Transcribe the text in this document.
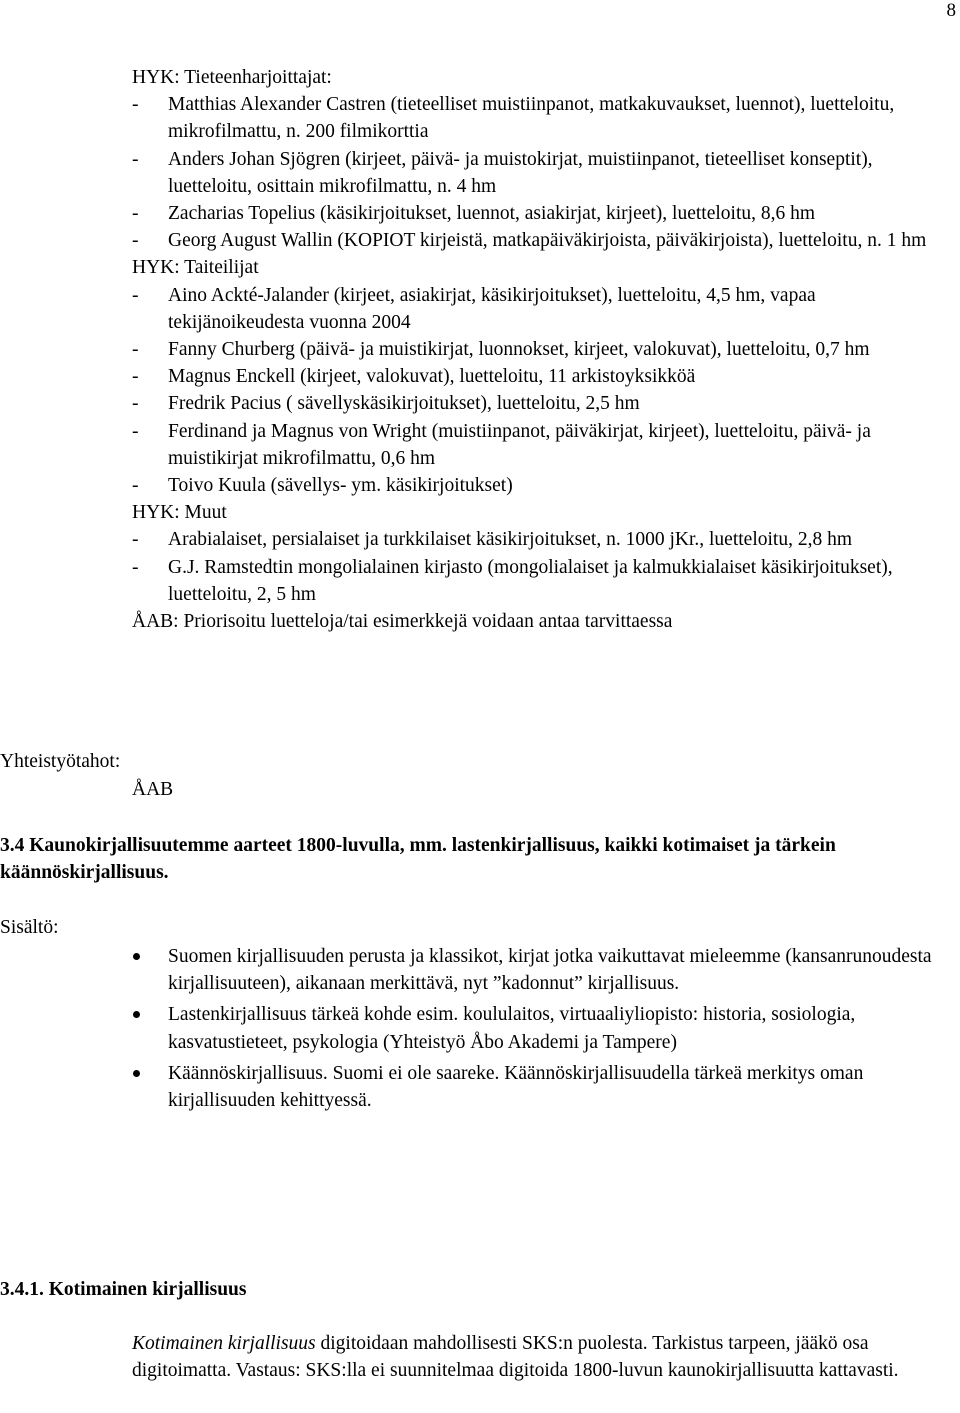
8

HYK: Tieteenharjoittajat:

-	Matthias Alexander Castren (tieteelliset muistiinpanot, matkakuvaukset, luennot), luetteloitu, mikrofilmattu, n. 200 filmikorttia
-	Anders Johan Sjögren (kirjeet, päivä- ja muistokirjat, muistiinpanot, tieteelliset konseptit), luetteloitu, osittain mikrofilmattu, n. 4 hm
-	Zacharias Topelius (käsikirjoitukset, luennot, asiakirjat, kirjeet), luetteloitu, 8,6 hm
-	Georg August Wallin (KOPIOT kirjeistä, matkapäiväkirjoista, päiväkirjoista), luetteloitu, n. 1 hm

HYK: Taiteilijat

-	Aino Ackté-Jalander (kirjeet, asiakirjat, käsikirjoitukset), luetteloitu, 4,5 hm, vapaa tekijänoikeudesta vuonna 2004
-	Fanny Churberg (päivä- ja muistikirjat, luonnokset, kirjeet, valokuvat), luetteloitu, 0,7 hm
-	Magnus Enckell (kirjeet, valokuvat), luetteloitu, 11 arkistoyksikköä
-	Fredrik Pacius ( sävellyskäsikirjoitukset), luetteloitu, 2,5 hm
-	Ferdinand ja Magnus von Wright (muistiinpanot, päiväkirjat, kirjeet), luetteloitu, päivä- ja muistikirjat mikrofilmattu, 0,6 hm
-	Toivo Kuula (sävellys- ym. käsikirjoitukset)

HYK: Muut

-	Arabialaiset, persialaiset ja turkkilaiset käsikirjoitukset, n. 1000 jKr., luetteloitu, 2,8 hm
-	G.J. Ramstedtin mongolialainen kirjasto (mongolialaiset ja kalmukkialaiset käsikirjoitukset), luetteloitu, 2, 5 hm

ÅAB: Priorisoitu luetteloja/tai esimerkkejä voidaan antaa tarvittaessa

Yhteistyötahot:
ÅAB
3.4 Kaunokirjallisuutemme aarteet 1800-luvulla, mm. lastenkirjallisuus, kaikki kotimaiset ja tärkein käännöskirjallisuus.
Sisältö:
Suomen kirjallisuuden perusta ja klassikot, kirjat jotka vaikuttavat mieleemme (kansanrunoudesta kirjallisuuteen), aikanaan merkittävä, nyt ”kadonnut” kirjallisuus.
Lastenkirjallisuus tärkeä kohde esim. koululaitos, virtuaaliyliopisto: historia, sosiologia, kasvatustieteet, psykologia (Yhteistyö Åbo Akademi ja Tampere)
Käännöskirjallisuus. Suomi ei ole saareke. Käännöskirjallisuudella tärkeä merkitys oman kirjallisuuden kehittyessä.
3.4.1. Kotimainen kirjallisuus
Kotimainen kirjallisuus digitoidaan mahdollisesti SKS:n puolesta. Tarkistus tarpeen, jääkö osa digitoimatta. Vastaus: SKS:lla ei suunnitelmaa digitoida 1800-luvun kaunokirjallisuutta kattavasti.
